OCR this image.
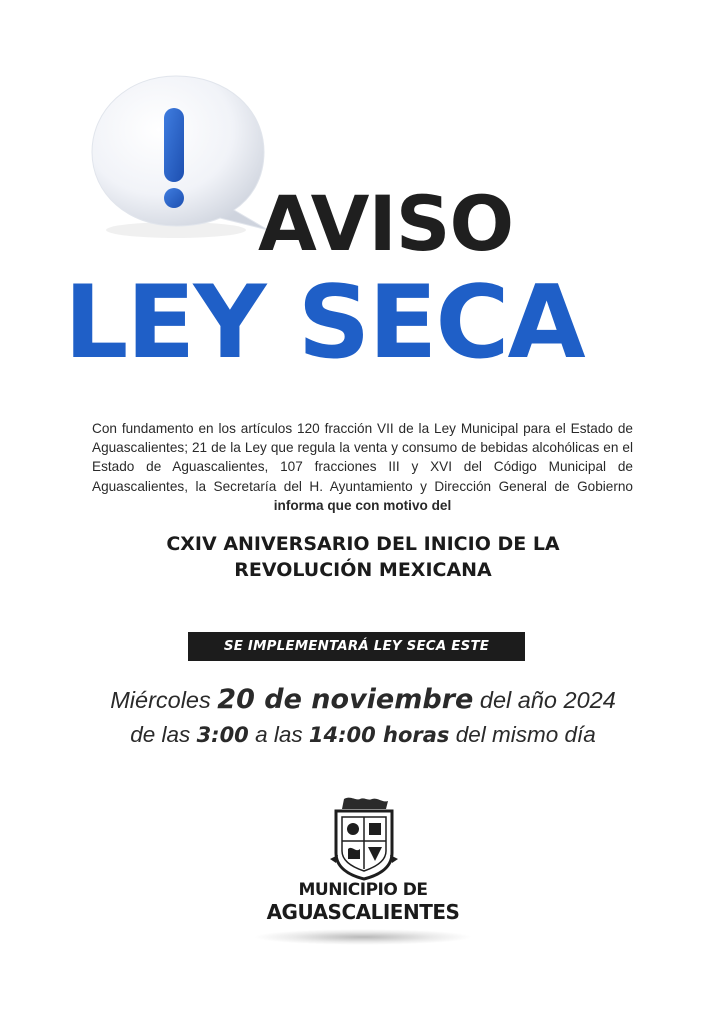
AVISO
LEY SECA
Con fundamento en los artículos 120 fracción VII de la Ley Municipal para el Estado de Aguascalientes; 21 de la Ley que regula la venta y consumo de bebidas alcohólicas en el Estado de Aguascalientes, 107 fracciones III y XVI del Código Municipal de Aguascalientes, la Secretaría del H. Ayuntamiento y Dirección General de Gobierno informa que con motivo del
CXIV ANIVERSARIO DEL INICIO DE LA
REVOLUCIÓN MEXICANA
SE IMPLEMENTARÁ LEY SECA ESTE
Miércoles 20 de noviembre del año 2024
de las 3:00 a las 14:00 horas del mismo día
MUNICIPIO DE
AGUASCALIENTES
